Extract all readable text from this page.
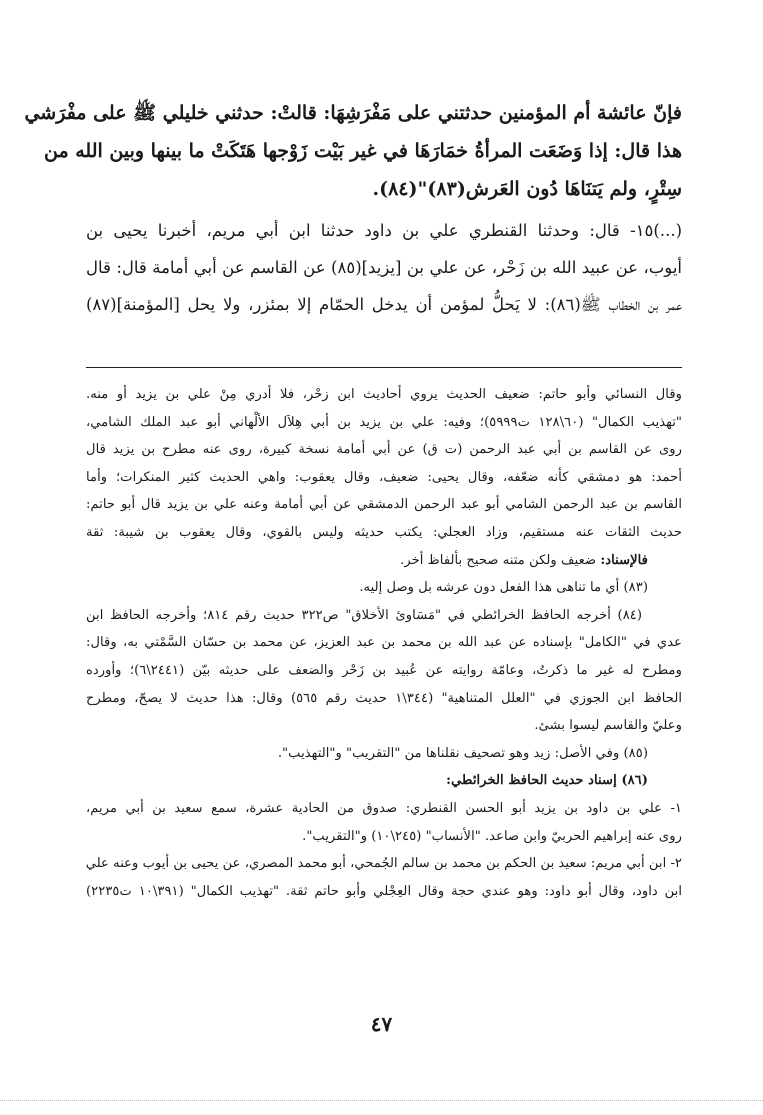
فإنّ عائشة أم المؤمنين حدثتني على مَفْرَشِهَا: قالتْ: حدثني خليلي ﷺ على مفْرَشي
هذا قال: إذا وَضَعَت المرأةُ خمَارَهَا في غير بَيْت زَوْجها هَتَكَتْ ما بينها وبين الله من
سِتْرٍ، ولم يَتنَاهَا دُون العَرش(٨٣)"(٨٤).
(...)١٥- قال: وحدثنا القنطري علي بن داود حدثنا ابن أبي مريم، أخبرنا يحيى بن
أيوب، عن عبيد الله بن زَحْر، عن علي بن [يزيد](٨٥) عن القاسم عن أبي أمامة قال: قال
عمر بن الخطاب ﷺ(٨٦): لا يَحلُّ لمؤمن أن يدخل الحمّام إلا بمئزر، ولا يحل [المؤمنة](٨٧)
وقال النسائي وأبو حاتم: ضعيف الحديث يروي أحاديث ابن زحْر، فلا أدري مِنْ علي بن يزيد أو منه.
"تهذيب الكمال" (٦٠\١٢٨ ت٥٩٩٩)؛ وفيه: علي بن يزيد بن أبي هِلاَل الألْهاني أبو عبد الملك الشامي،
روى عن القاسم بن أبي عبد الرحمن (ت ق) عن أبي أمامة نسخة كبيرة، روى عنه مطرح بن يزيد قال
أحمد: هو دمشقي كأنه ضعّفه، وقال يحيى: ضعيف، وقال يعقوب: واهي الحديث كثير المنكرات؛ وأما
القاسم بن عبد الرحمن الشامي أبو عبد الرحمن الدمشقي عن أبي أمامة وعنه علي بن يزيد قال أبو حاتم:
حديث الثقات عنه مستقيم، وزاد العجلي: يكتب حديثه وليس بالقوي، وقال يعقوب بن شيبة: ثقة
فالإسناد: ضعيف ولكن متنه صحيح بألفاظ أخر.
(٨٣) أي ما تناهى هذا الفعل دون عرشه بل وصل إليه.
(٨٤) أخرجه الحافظ الخرائطي في "مَسَاوئ الأخلاق" ص٣٢٢ حديث رقم ٨١٤؛ وأخرجه الحافظ ابن
عدي في "الكامل" بإسناده عن عبد الله بن محمد بن عبد العزيز، عن محمد بن حسّان السَّمْتي به، وقال:
ومطرح له غير ما ذكرتُ، وعامّة روايته عن عُبيد بن زَحْر والضعف على حديثه بيّن (٢٤٤١\٦)؛ وأورده
الحافظ ابن الجوزي في "العلل المتناهية" (٣٤٤\١ حديث رقم ٥٦٥) وقال: هذا حديث لا يصحّ، ومطرح
وعليّ والقاسم ليسوا بشئ.
(٨٥) وفي الأصل: زيد وهو تصحيف نقلناها من "التقريب" و"التهذيب".
(٨٦) إسناد حديث الحافظ الخرائطي:
١- علي بن داود بن يزيد أبو الحسن القنطري: صدوق من الحادية عشرة، سمع سعيد بن أبي مريم،
روى عنه إبراهيم الحربيّ وابن صاعد. "الأنساب" (٢٤٥\١٠) و"التقريب".
٢- ابن أبي مريم: سعيد بن الحكم بن محمد بن سالم الجُمحي، أبو محمد المصري، عن يحيى بن أيوب وعنه علي
ابن داود، وقال أبو داود: وهو عندي حجة وقال العِجْلي وأبو حاتم ثقة. "تهذيب الكمال" (٣٩١\١٠ ت٢٢٣٥)
٤٧
